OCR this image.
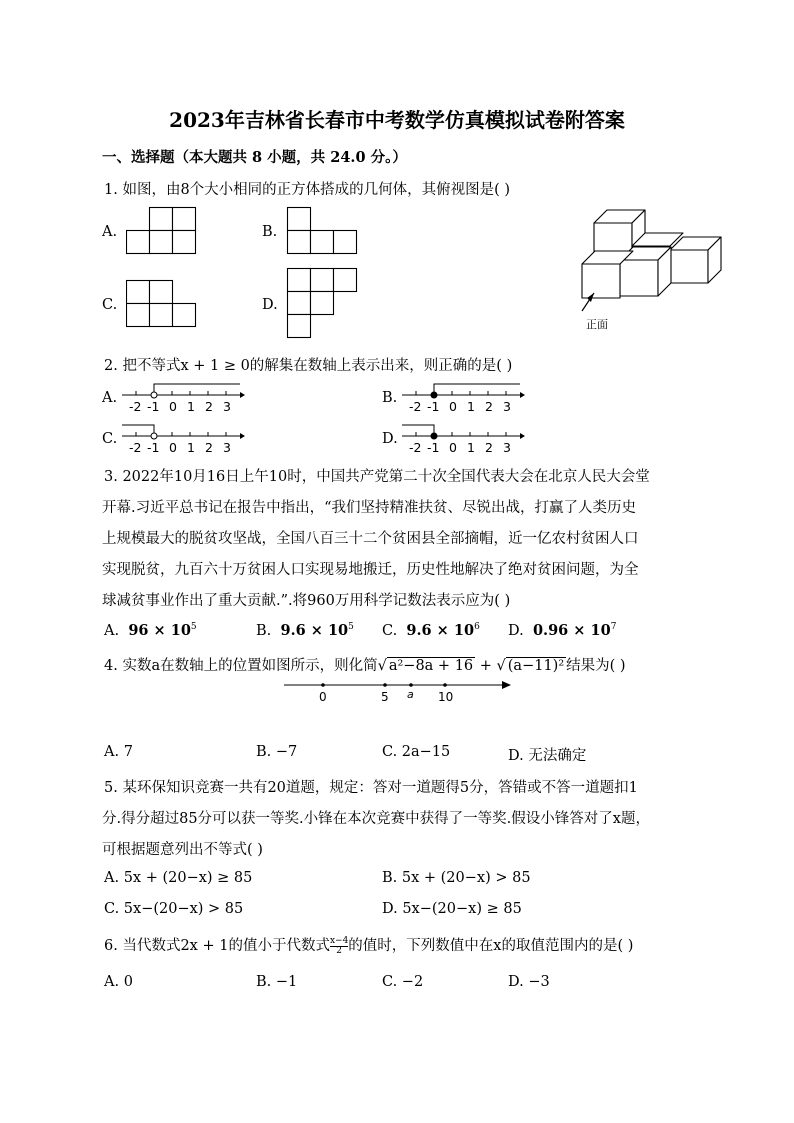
2023年吉林省长春市中考数学仿真模拟试卷附答案
一、选择题（本大题共 8 小题，共 24.0 分。）
1. 如图，由8个大小相同的正方体搭成的几何体，其俯视图是( )
A.	B.
C.	D.
正面
2. 把不等式x + 1 ≥ 0的解集在数轴上表示出来，则正确的是( )
A.
-2 -1 0 1 2 3
B.
-2 -1 0 1 2 3
C.
-2 -1 0 1 2 3
D.
-2 -1 0 1 2 3
3. 2022年10月16日上午10时，中国共产党第二十次全国代表大会在北京人民大会堂
开幕.习近平总书记在报告中指出，“我们坚持精准扶贫、尽锐出战，打赢了人类历史
上规模最大的脱贫攻坚战，全国八百三十二个贫困县全部摘帽，近一亿农村贫困人口
实现脱贫，九百六十万贫困人口实现易地搬迁，历史性地解决了绝对贫困问题，为全
球减贫事业作出了重大贡献.”.将960万用科学记数法表示应为( )
A. $96 \times 10^5$	B. $9.6 \times 10^5$ C. $9.6 \times 10^6$ D. $0.96 \times 10^7$
4. 实数a在数轴上的位置如图所示，则化简√ a²−8a + 16 + √ (a−11)² 结果为( )
0	5 a 10
A. 7	B. −7	C. 2a−15	D. 无法确定
5. 某环保知识竞赛一共有20道题，规定：答对一道题得5分，答错或不答一道题扣1
分.得分超过85分可以获一等奖.小锋在本次竞赛中获得了一等奖.假设小锋答对了x题，
可根据题意列出不等式( )
A. 5x + (20−x) ≥ 85	B. 5x + (20−x) > 85
C. 5x−(20−x) > 85	D. 5x−(20−x) ≥ 85
6. 当代数式2x + 1的值小于代数式 $\frac{x-4}{2}$ 的值时，下列数值中在x的取值范围内的是( )
A. 0	B. −1	C. −2	D. −3
